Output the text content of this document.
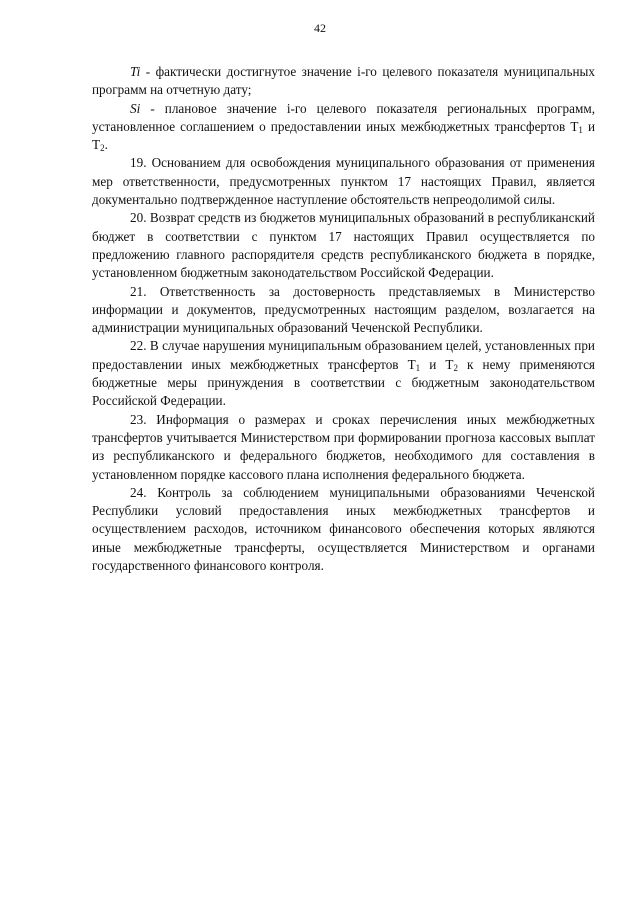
42

Ti - фактически достигнутое значение i-го целевого показателя муниципальных программ на отчетную дату;

Si - плановое значение i-го целевого показателя региональных программ, установленное соглашением о предоставлении иных межбюджетных трансфертов $T_1$ и $T_2$.

19. Основанием для освобождения муниципального образования от применения мер ответственности, предусмотренных пунктом 17 настоящих Правил, является документально подтвержденное наступление обстоятельств непреодолимой силы.

20. Возврат средств из бюджетов муниципальных образований в республиканский бюджет в соответствии с пунктом 17 настоящих Правил осуществляется по предложению главного распорядителя средств республиканского бюджета в порядке, установленном бюджетным законодательством Российской Федерации.

21. Ответственность за достоверность представляемых в Министерство информации и документов, предусмотренных настоящим разделом, возлагается на администрации муниципальных образований Чеченской Республики.

22. В случае нарушения муниципальным образованием целей, установленных при предоставлении иных межбюджетных трансфертов $T_1$ и $T_2$ к нему применяются бюджетные меры принуждения в соответствии с бюджетным законодательством Российской Федерации.

23. Информация о размерах и сроках перечисления иных межбюджетных трансфертов учитывается Министерством при формировании прогноза кассовых выплат из республиканского и федерального бюджетов, необходимого для составления в установленном порядке кассового плана исполнения федерального бюджета.

24. Контроль за соблюдением муниципальными образованиями Чеченской Республики условий предоставления иных межбюджетных трансфертов и осуществлением расходов, источником финансового обеспечения которых являются иные межбюджетные трансферты, осуществляется Министерством и органами государственного финансового контроля.
